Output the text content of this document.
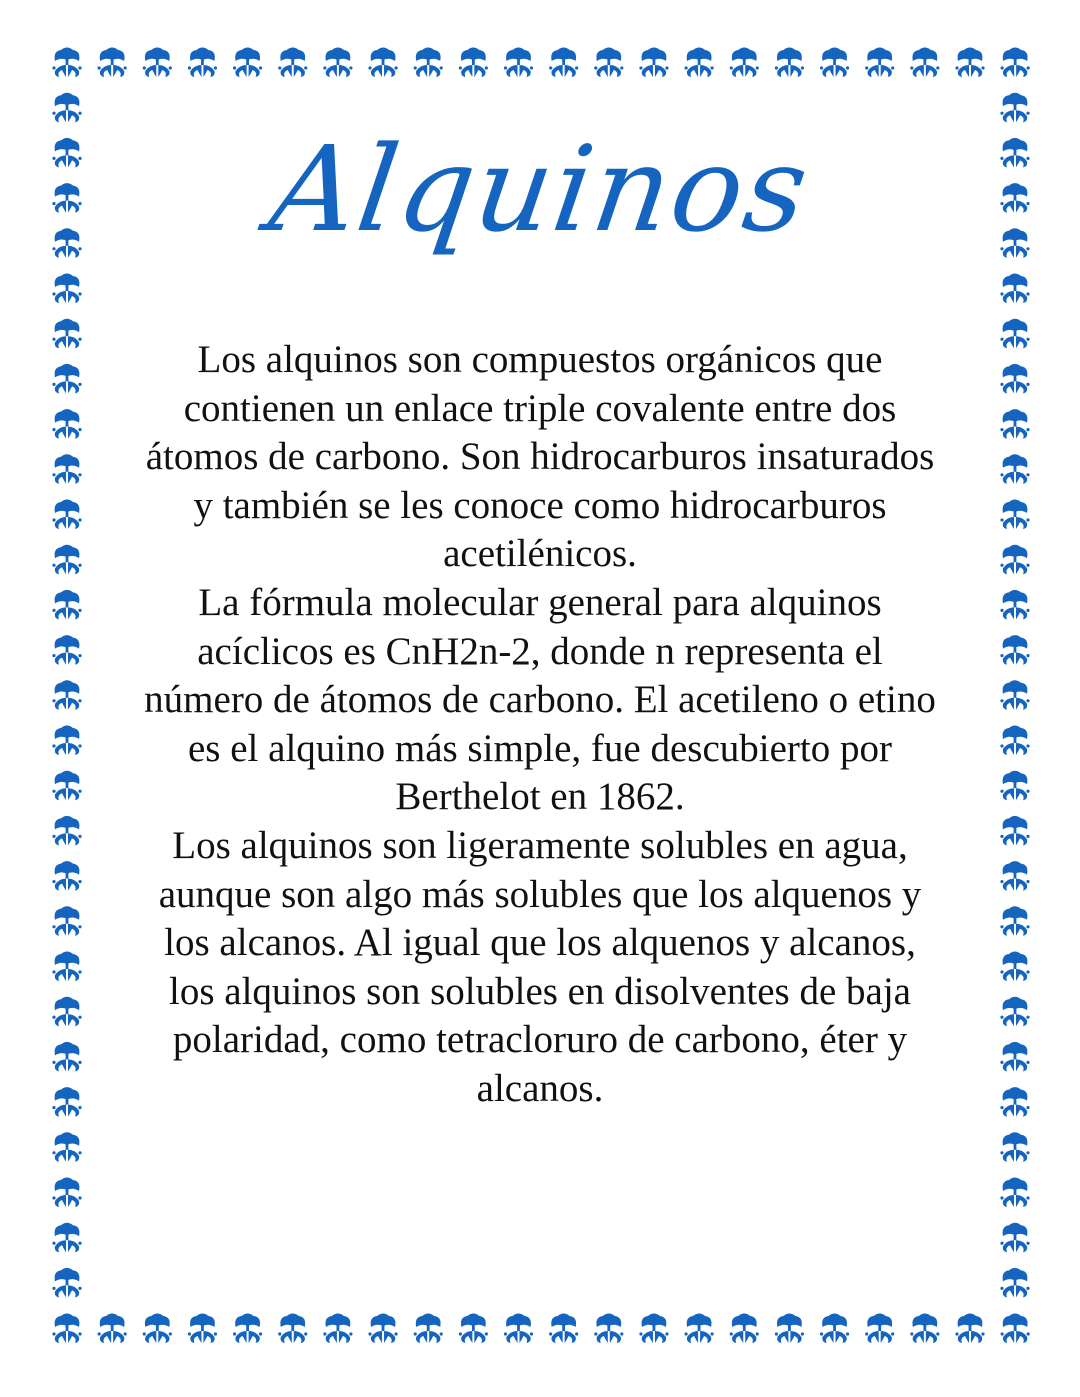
Alquinos

Los alquinos son compuestos orgánicos que contienen un enlace triple covalente entre dos átomos de carbono. Son hidrocarburos insaturados y también se les conoce como hidrocarburos acetilénicos.

La fórmula molecular general para alquinos acíclicos es CnH2n-2, donde n representa el número de átomos de carbono. El acetileno o etino es el alquino más simple, fue descubierto por Berthelot en 1862.

Los alquinos son ligeramente solubles en agua, aunque son algo más solubles que los alquenos y los alcanos. Al igual que los alquenos y alcanos, los alquinos son solubles en disolventes de baja polaridad, como tetracloruro de carbono, éter y alcanos.
